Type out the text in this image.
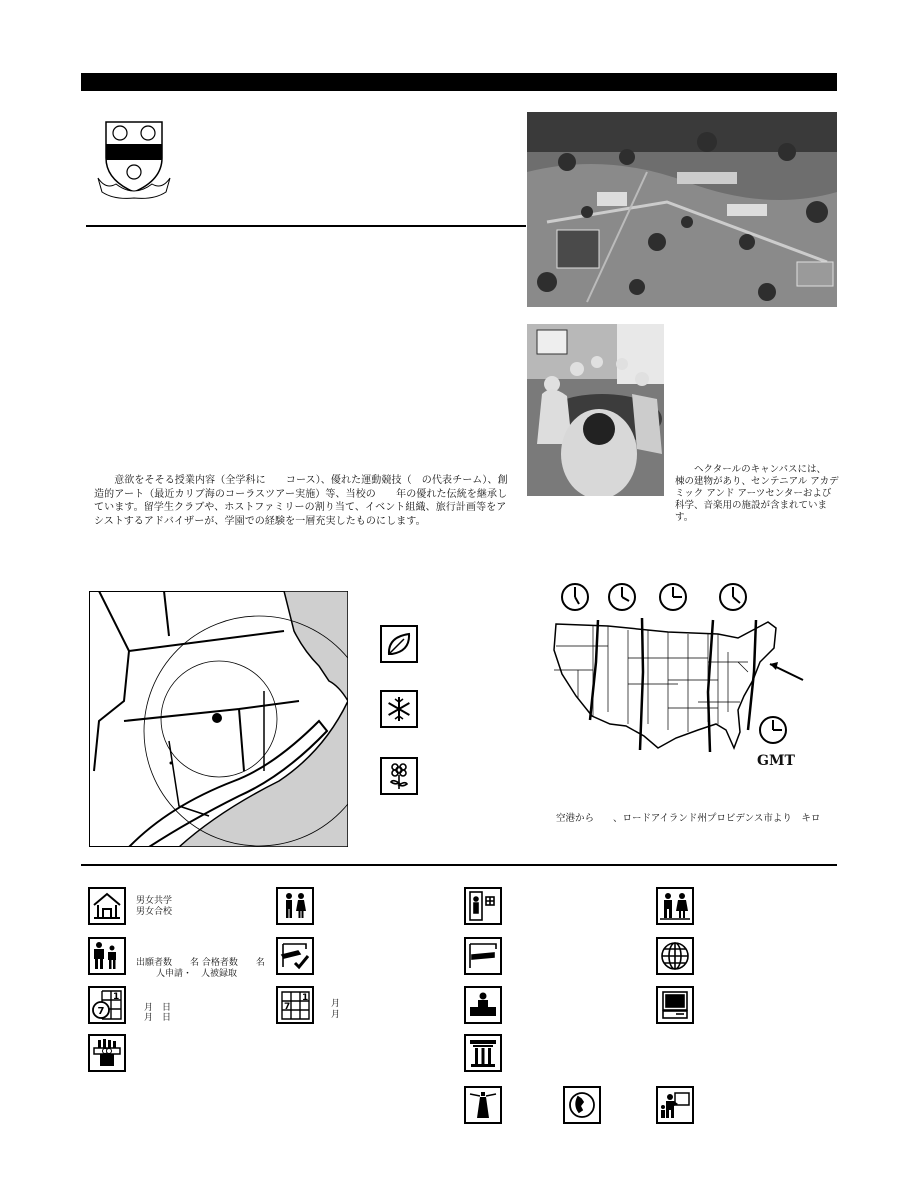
　　意欲をそそる授業内容（全学科に　　コース）、優れた運動競技（　の代表チーム）、創造的アート（最近カリブ海のコーラスツアー実施）等、当校の　　年の優れた伝統を継承しています。留学生クラブや、ホストファミリーの割り当て、イベント組織、旅行計画等をアシストするアドバイザーが、学園での経験を一層充実したものにします。
　　ヘクタールのキャンパスには、　棟の建物があり、センテニアル アカデミック アンド アーツセンターおよび科学、音楽用の施設が含まれています。
GMT
空港から　　、ロードアイランド州プロビデンス市より　キロ
男女共学
男女合校
出願者数　　名 合格者数　　名
人申請・　人被録取
1
7	月　日
月　日
1
7	月
月
